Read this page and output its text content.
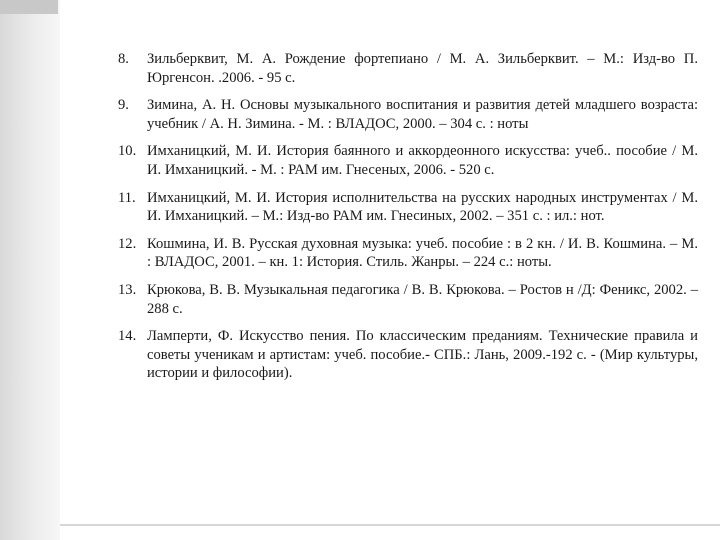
8. Зильберквит, М. А. Рождение фортепиано / М. А. Зильберквит. – М.: Изд-во П. Юргенсон. .2006. - 95 с.
9. Зимина, А. Н. Основы музыкального воспитания и развития детей младшего возраста: учебник / А. Н. Зимина. - М. : ВЛАДОС, 2000. – 304 с. : ноты
10. Имханицкий, М. И. История баянного и аккордеонного искусства: учеб.. пособие / М. И. Имханицкий. - М. : РАМ им. Гнесеных, 2006. - 520 с.
11. Имханицкий, М. И. История исполнительства на русских народных инструментах / М. И. Имханицкий. – М.: Изд-во РАМ им. Гнесиных, 2002. – 351 с. : ил.: нот.
12. Кошмина, И. В. Русская духовная музыка: учеб. пособие : в 2 кн. / И. В. Кошмина. – М. : ВЛАДОС, 2001. – кн. 1: История. Стиль. Жанры. – 224 с.: ноты.
13. Крюкова, В. В. Музыкальная педагогика / В. В. Крюкова. – Ростов н /Д: Феникс, 2002. – 288 с.
14. Ламперти, Ф. Искусство пения. По классическим преданиям. Технические правила и советы ученикам и артистам: учеб. пособие.- СПБ.: Лань, 2009.-192 с. - (Мир культуры, истории и философии).
